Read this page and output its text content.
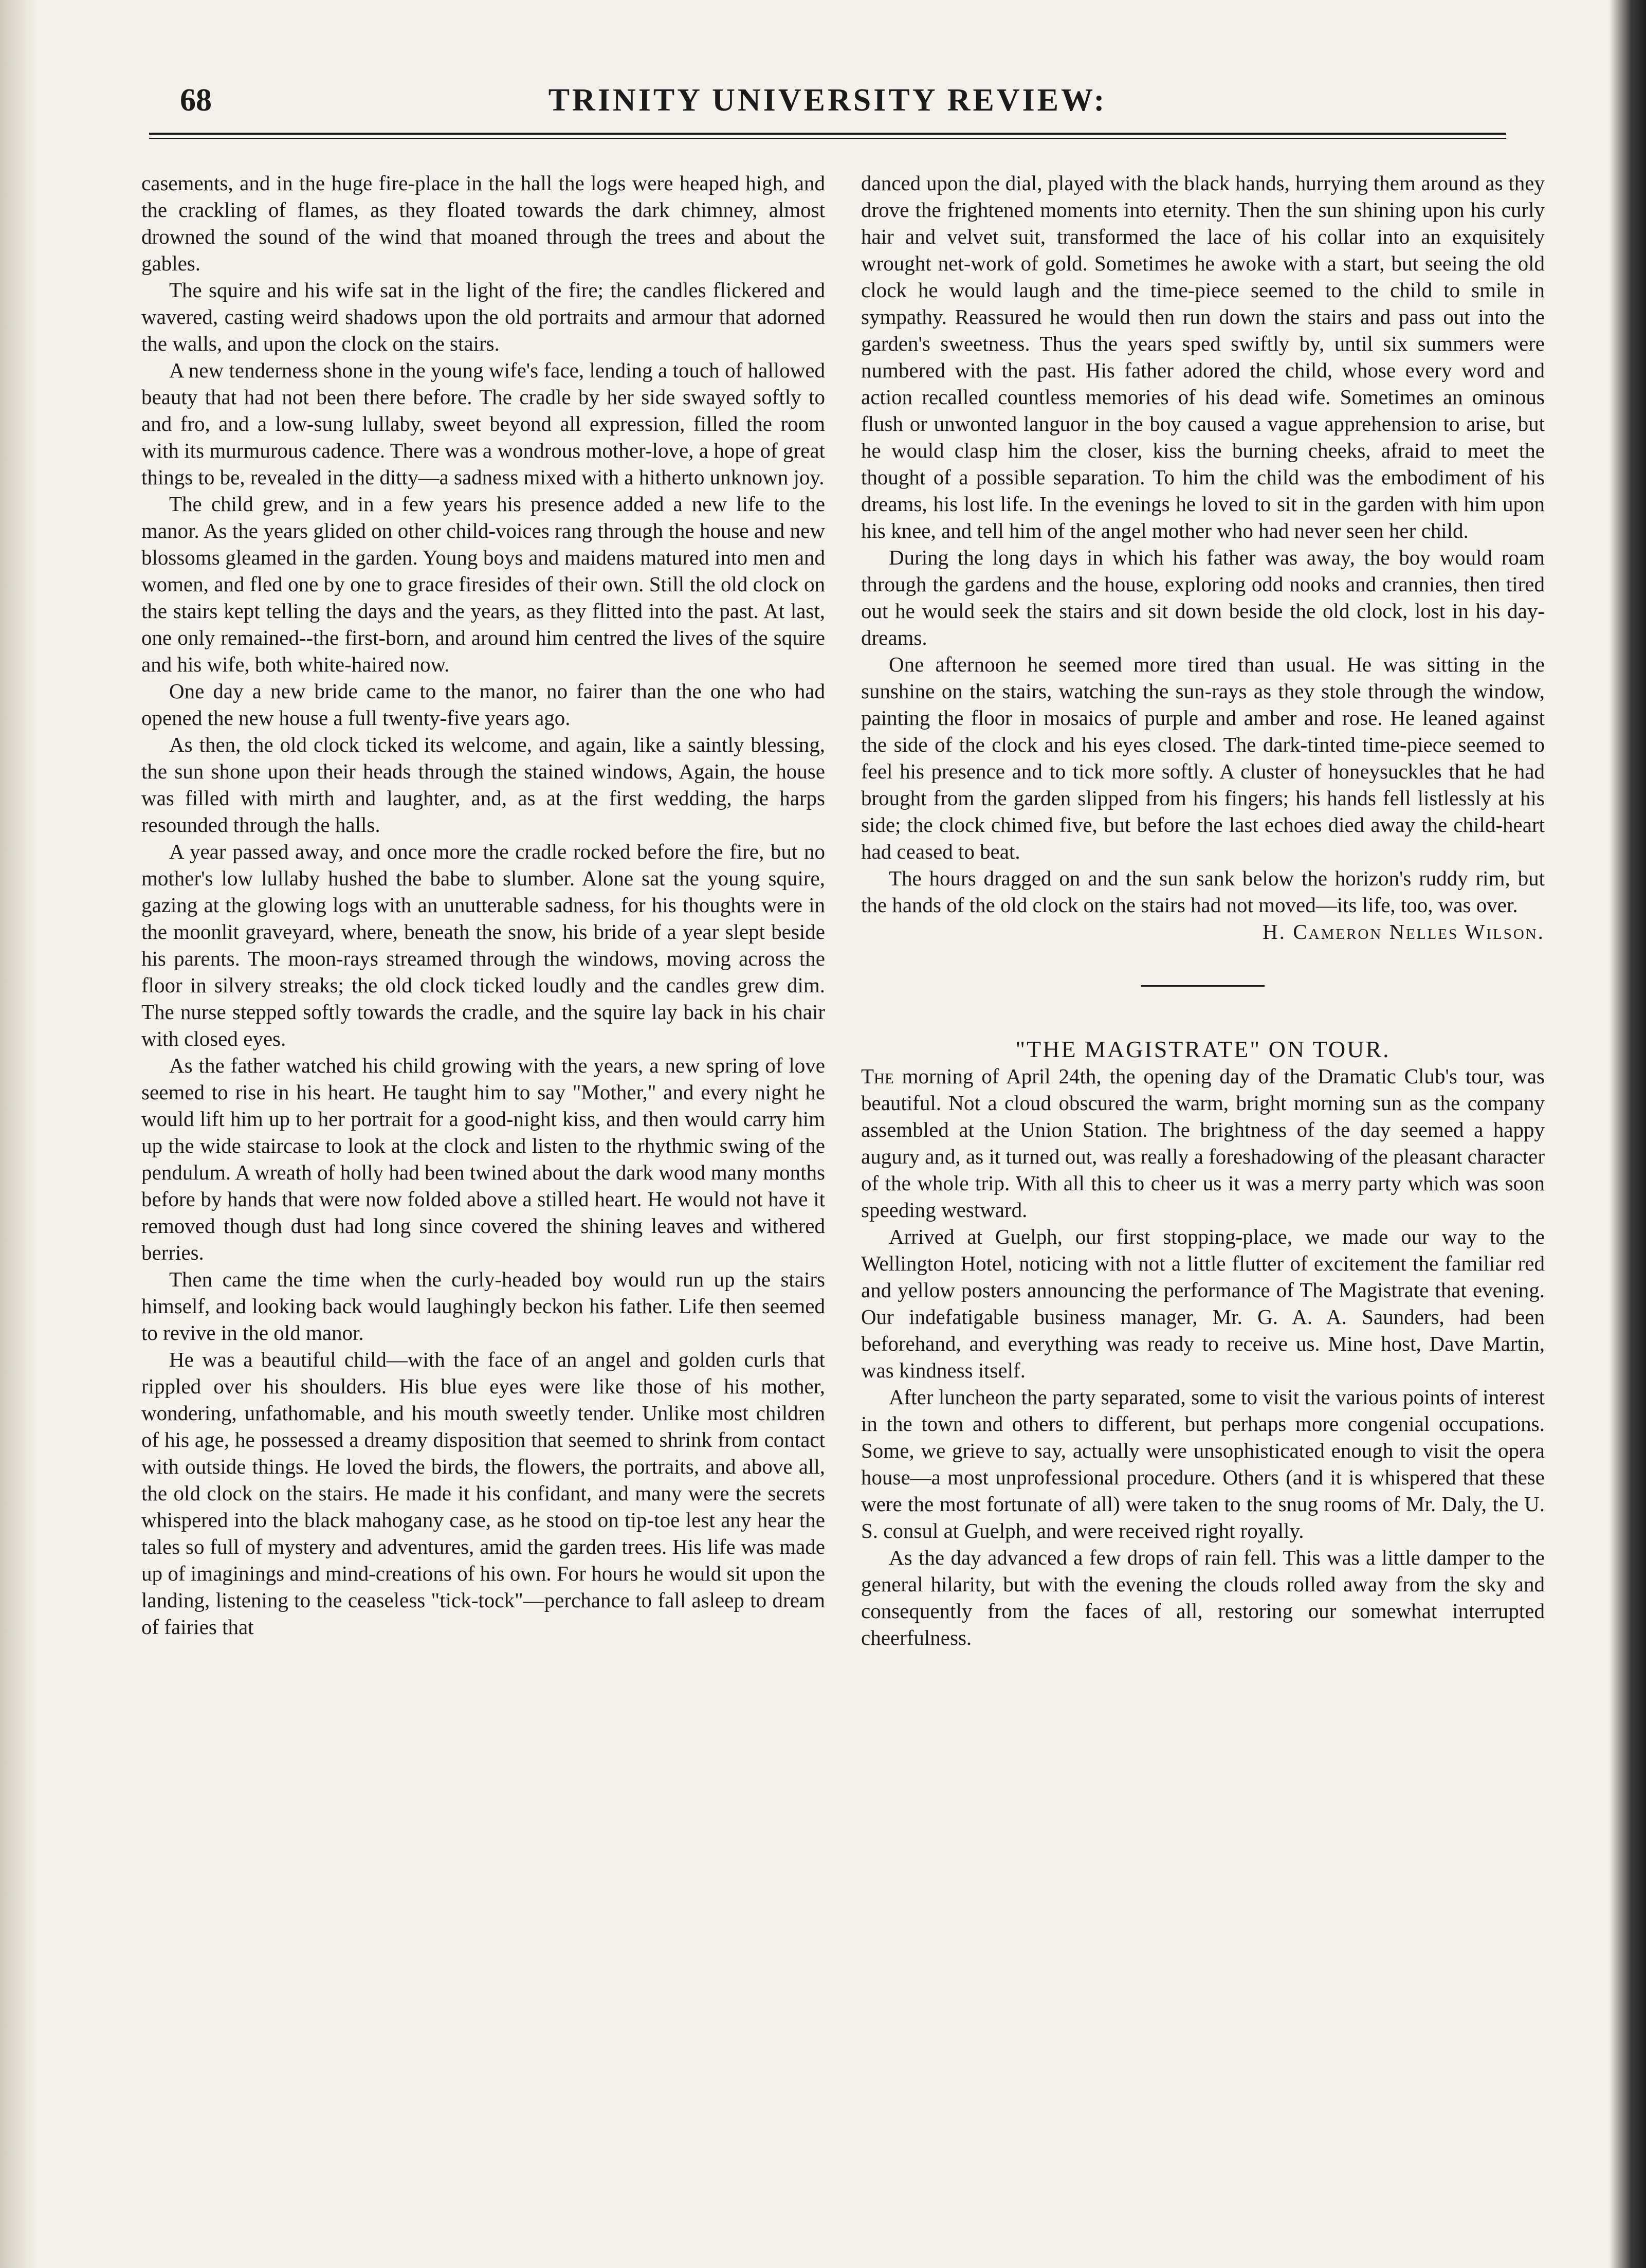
68	TRINITY UNIVERSITY REVIEW:

casements, and in the huge fire-place in the hall the logs were heaped high, and the crackling of flames, as they floated towards the dark chimney, almost drowned the sound of the wind that moaned through the trees and about the gables.

The squire and his wife sat in the light of the fire; the candles flickered and wavered, casting weird shadows upon the old portraits and armour that adorned the walls, and upon the clock on the stairs.

A new tenderness shone in the young wife's face, lending a touch of hallowed beauty that had not been there before. The cradle by her side swayed softly to and fro, and a low-sung lullaby, sweet beyond all expression, filled the room with its murmurous cadence. There was a wondrous mother-love, a hope of great things to be, revealed in the ditty—a sadness mixed with a hitherto unknown joy.

The child grew, and in a few years his presence added a new life to the manor. As the years glided on other child-voices rang through the house and new blossoms gleamed in the garden. Young boys and maidens matured into men and women, and fled one by one to grace firesides of their own. Still the old clock on the stairs kept telling the days and the years, as they flitted into the past. At last, one only remained--the first-born, and around him centred the lives of the squire and his wife, both white-haired now.

One day a new bride came to the manor, no fairer than the one who had opened the new house a full twenty-five years ago.

As then, the old clock ticked its welcome, and again, like a saintly blessing, the sun shone upon their heads through the stained windows, Again, the house was filled with mirth and laughter, and, as at the first wedding, the harps resounded through the halls.

A year passed away, and once more the cradle rocked before the fire, but no mother's low lullaby hushed the babe to slumber. Alone sat the young squire, gazing at the glowing logs with an unutterable sadness, for his thoughts were in the moonlit graveyard, where, beneath the snow, his bride of a year slept beside his parents. The moon-rays streamed through the windows, moving across the floor in silvery streaks; the old clock ticked loudly and the candles grew dim. The nurse stepped softly towards the cradle, and the squire lay back in his chair with closed eyes.

As the father watched his child growing with the years, a new spring of love seemed to rise in his heart. He taught him to say "Mother," and every night he would lift him up to her portrait for a good-night kiss, and then would carry him up the wide staircase to look at the clock and listen to the rhythmic swing of the pendulum. A wreath of holly had been twined about the dark wood many months before by hands that were now folded above a stilled heart. He would not have it removed though dust had long since covered the shining leaves and withered berries.

Then came the time when the curly-headed boy would run up the stairs himself, and looking back would laughingly beckon his father. Life then seemed to revive in the old manor.

He was a beautiful child—with the face of an angel and golden curls that rippled over his shoulders. His blue eyes were like those of his mother, wondering, unfathomable, and his mouth sweetly tender. Unlike most children of his age, he possessed a dreamy disposition that seemed to shrink from contact with outside things. He loved the birds, the flowers, the portraits, and above all, the old clock on the stairs. He made it his confidant, and many were the secrets whispered into the black mahogany case, as he stood on tip-toe lest any hear the tales so full of mystery and adventures, amid the garden trees. His life was made up of imaginings and mind-creations of his own. For hours he would sit upon the landing, listening to the ceaseless "tick-tock"—perchance to fall asleep to dream of fairies that

danced upon the dial, played with the black hands, hurrying them around as they drove the frightened moments into eternity. Then the sun shining upon his curly hair and velvet suit, transformed the lace of his collar into an exquisitely wrought net-work of gold. Sometimes he awoke with a start, but seeing the old clock he would laugh and the time-piece seemed to the child to smile in sympathy. Reassured he would then run down the stairs and pass out into the garden's sweetness. Thus the years sped swiftly by, until six summers were numbered with the past. His father adored the child, whose every word and action recalled countless memories of his dead wife. Sometimes an ominous flush or unwonted languor in the boy caused a vague apprehension to arise, but he would clasp him the closer, kiss the burning cheeks, afraid to meet the thought of a possible separation. To him the child was the embodiment of his dreams, his lost life. In the evenings he loved to sit in the garden with him upon his knee, and tell him of the angel mother who had never seen her child.

During the long days in which his father was away, the boy would roam through the gardens and the house, exploring odd nooks and crannies, then tired out he would seek the stairs and sit down beside the old clock, lost in his day-dreams.

One afternoon he seemed more tired than usual. He was sitting in the sunshine on the stairs, watching the sun-rays as they stole through the window, painting the floor in mosaics of purple and amber and rose. He leaned against the side of the clock and his eyes closed. The dark-tinted time-piece seemed to feel his presence and to tick more softly. A cluster of honeysuckles that he had brought from the garden slipped from his fingers; his hands fell listlessly at his side; the clock chimed five, but before the last echoes died away the child-heart had ceased to beat.

The hours dragged on and the sun sank below the horizon's ruddy rim, but the hands of the old clock on the stairs had not moved—its life, too, was over.

H. Cameron Nelles Wilson.

"THE MAGISTRATE" ON TOUR.

The morning of April 24th, the opening day of the Dramatic Club's tour, was beautiful. Not a cloud obscured the warm, bright morning sun as the company assembled at the Union Station. The brightness of the day seemed a happy augury and, as it turned out, was really a foreshadowing of the pleasant character of the whole trip. With all this to cheer us it was a merry party which was soon speeding westward.

Arrived at Guelph, our first stopping-place, we made our way to the Wellington Hotel, noticing with not a little flutter of excitement the familiar red and yellow posters announcing the performance of The Magistrate that evening. Our indefatigable business manager, Mr. G. A. A. Saunders, had been beforehand, and everything was ready to receive us. Mine host, Dave Martin, was kindness itself.

After luncheon the party separated, some to visit the various points of interest in the town and others to different, but perhaps more congenial occupations. Some, we grieve to say, actually were unsophisticated enough to visit the opera house—a most unprofessional procedure. Others (and it is whispered that these were the most fortunate of all) were taken to the snug rooms of Mr. Daly, the U. S. consul at Guelph, and were received right royally.

As the day advanced a few drops of rain fell. This was a little damper to the general hilarity, but with the evening the clouds rolled away from the sky and consequently from the faces of all, restoring our somewhat interrupted cheerfulness.
